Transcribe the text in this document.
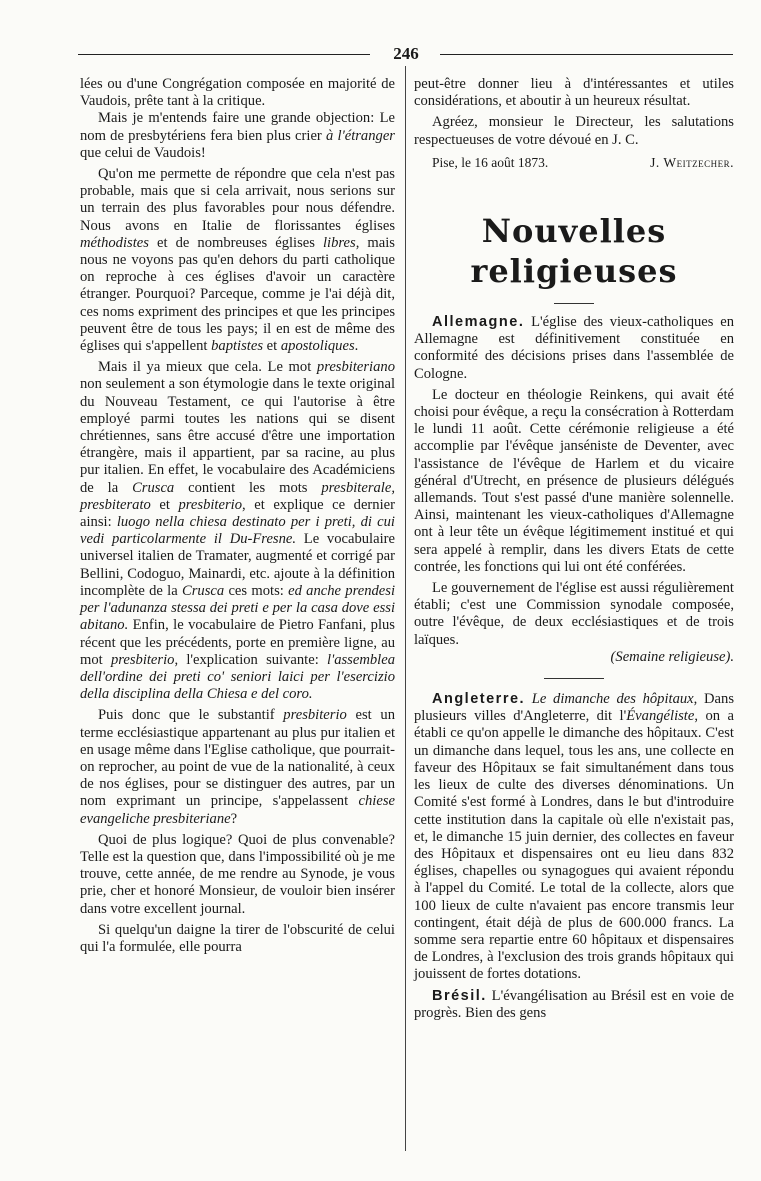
246

lées ou d'une Congrégation composée en majorité de Vaudois, prête tant à la critique.

Mais je m'entends faire une grande objection: Le nom de presbytériens fera bien plus crier à l'étranger que celui de Vaudois!

Qu'on me permette de répondre que cela n'est pas probable, mais que si cela arrivait, nous serions sur un terrain des plus favorables pour nous défendre. Nous avons en Italie de florissantes églises méthodistes et de nombreuses églises libres, mais nous ne voyons pas qu'en dehors du parti catholique on reproche à ces églises d'avoir un caractère étranger. Pourquoi? Parceque, comme je l'ai déjà dit, ces noms expriment des principes et que les principes peuvent être de tous les pays; il en est de même des églises qui s'appellent baptistes et apostoliques.

Mais il ya mieux que cela. Le mot presbiteriano non seulement a son étymologie dans le texte original du Nouveau Testament, ce qui l'autorise à être employé parmi toutes les nations qui se disent chrétiennes, sans être accusé d'être une importation étrangère, mais il appartient, par sa racine, au plus pur italien. En effet, le vocabulaire des Académiciens de la Crusca contient les mots presbiterale, presbiterato et presbiterio, et explique ce dernier ainsi: luogo nella chiesa destinato per i preti, di cui vedi particolarmente il Du-Fresne. Le vocabulaire universel italien de Tramater, augmenté et corrigé par Bellini, Codoguo, Mainardi, etc. ajoute à la définition incomplète de la Crusca ces mots: ed anche prendesi per l'adunanza stessa dei preti e per la casa dove essi abitano. Enfin, le vocabulaire de Pietro Fanfani, plus récent que les précédents, porte en première ligne, au mot presbiterio, l'explication suivante: l'assemblea dell'ordine dei preti co' seniori laici per l'esercizio della disciplina della Chiesa e del coro.

Puis donc que le substantif presbiterio est un terme ecclésiastique appartenant au plus pur italien et en usage même dans l'Eglise catholique, que pourrait-on reprocher, au point de vue de la nationalité, à ceux de nos églises, pour se distinguer des autres, par un nom exprimant un principe, s'appelassent chiese evangeliche presbiteriane?

Quoi de plus logique? Quoi de plus convenable? Telle est la question que, dans l'impossibilité où je me trouve, cette année, de me rendre au Synode, je vous prie, cher et honoré Monsieur, de vouloir bien insérer dans votre excellent journal.

Si quelqu'un daigne la tirer de l'obscurité de celui qui l'a formulée, elle pourra

peut-être donner lieu à d'intéressantes et utiles considérations, et aboutir à un heureux résultat.

Agréez, monsieur le Directeur, les salutations respectueuses de votre dévoué en J. C.

Pise, le 16 août 1873.	J. Weitzecher.
Nouvelles religieuses

Allemagne. L'église des vieux-catholiques en Allemagne est définitivement constituée en conformité des décisions prises dans l'assemblée de Cologne.

Le docteur en théologie Reinkens, qui avait été choisi pour évêque, a reçu la consécration à Rotterdam le lundi 11 août. Cette cérémonie religieuse a été accomplie par l'évêque janséniste de Deventer, avec l'assistance de l'évêque de Harlem et du vicaire général d'Utrecht, en présence de plusieurs délégués allemands. Tout s'est passé d'une manière solennelle. Ainsi, maintenant les vieux-catholiques d'Allemagne ont à leur tête un évêque légitimement institué et qui sera appelé à remplir, dans les divers Etats de cette contrée, les fonctions qui lui ont été conférées.

Le gouvernement de l'église est aussi régulièrement établi; c'est une Commission synodale composée, outre l'évêque, de deux ecclésiastiques et de trois laïques.

(Semaine religieuse).

Angleterre. Le dimanche des hôpitaux, Dans plusieurs villes d'Angleterre, dit l'Évangéliste, on a établi ce qu'on appelle le dimanche des hôpitaux. C'est un dimanche dans lequel, tous les ans, une collecte en faveur des Hôpitaux se fait simultanément dans tous les lieux de culte des diverses dénominations. Un Comité s'est formé à Londres, dans le but d'introduire cette institution dans la capitale où elle n'existait pas, et, le dimanche 15 juin dernier, des collectes en faveur des Hôpitaux et dispensaires ont eu lieu dans 832 églises, chapelles ou synagogues qui avaient répondu à l'appel du Comité. Le total de la collecte, alors que 100 lieux de culte n'avaient pas encore transmis leur contingent, était déjà de plus de 600.000 francs. La somme sera repartie entre 60 hôpitaux et dispensaires de Londres, à l'exclusion des trois grands hôpitaux qui jouissent de fortes dotations.

Brésil. L'évangélisation au Brésil est en voie de progrès. Bien des gens
